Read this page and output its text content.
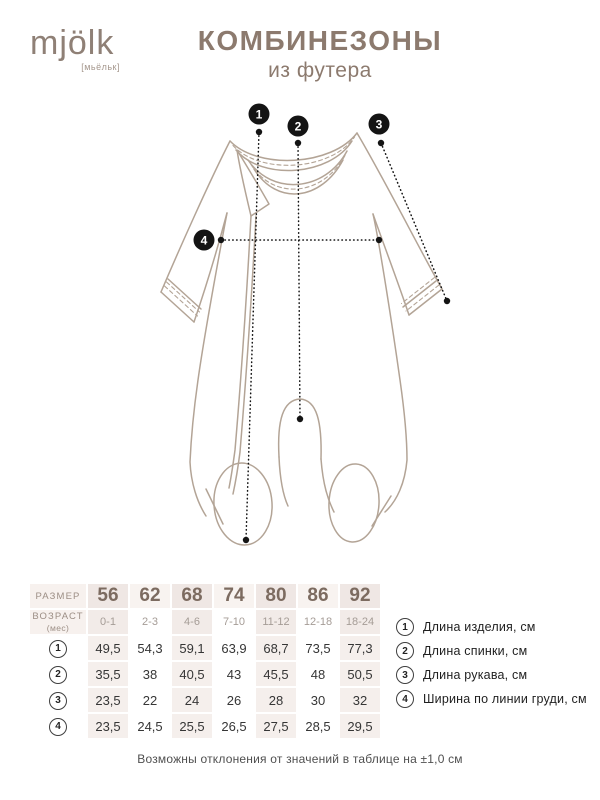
mjölk
[мьёльк]
КОМБИНЕЗОНЫ
из футера
1
2	3
4
РАЗМЕР	56	62	68	74	80	86	92
ВОЗРАСТ
(мес)	0-1	2-3	4-6	7-10	11-12	12-18	18-24
1	49,5	54,3	59,1	63,9	68,7	73,5	77,3
2	35,5	38	40,5	43	45,5	48	50,5
3	23,5	22	24	26	28	30	32
4	23,5	24,5	25,5	26,5	27,5	28,5	29,5
1	Длина изделия, см
2	Длина спинки, см
3	Длина рукава, см
4	Ширина по линии груди, см
Возможны отклонения от значений в таблице на ±1,0 см
